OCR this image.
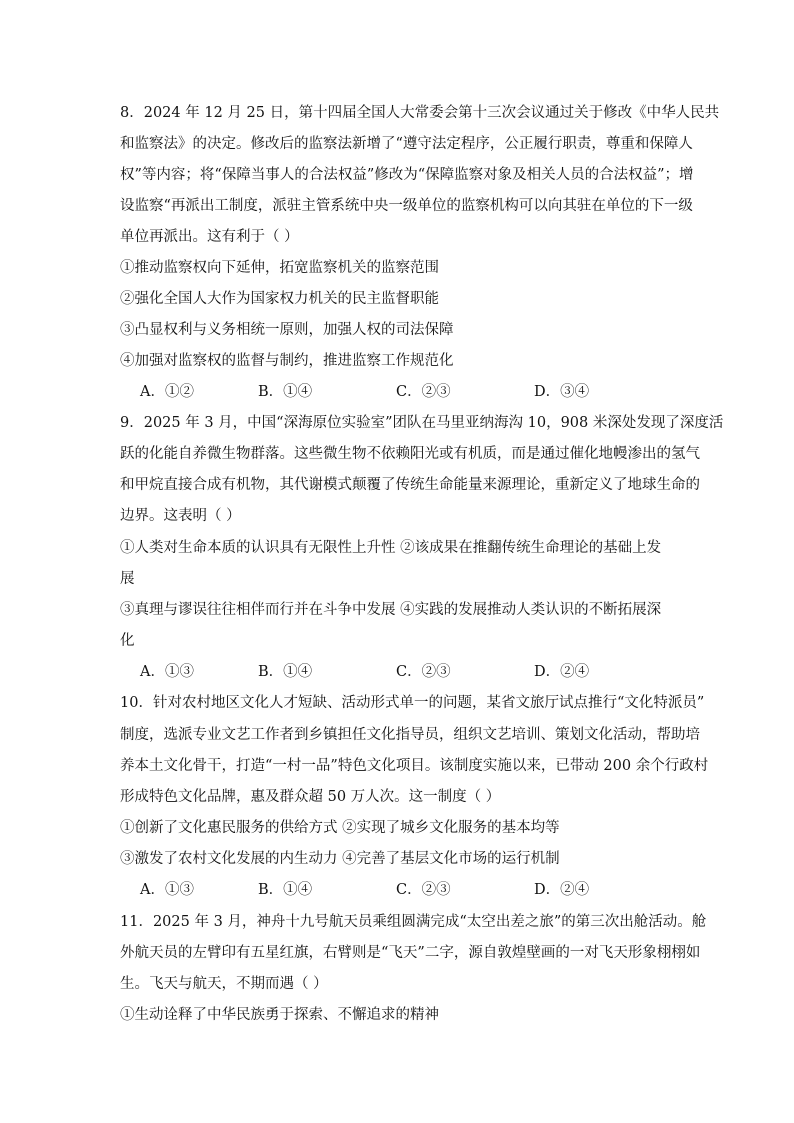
8．2024 年 12 月 25 日，第十四届全国人大常委会第十三次会议通过关于修改《中华人民共
和监察法》的决定。修改后的监察法新增了“遵守法定程序，公正履行职责，尊重和保障人
权”等内容；将“保障当事人的合法权益”修改为“保障监察对象及相关人员的合法权益”；增
设监察“再派出工制度，派驻主管系统中央一级单位的监察机构可以向其驻在单位的下一级
单位再派出。这有利于（ ）
①推动监察权向下延伸，拓宽监察机关的监察范围
②强化全国人大作为国家权力机关的民主监督职能
③凸显权利与义务相统一原则，加强人权的司法保障
④加强对监察权的监督与制约，推进监察工作规范化
A．①②	B．①④	C．②③	D．③④
9．2025 年 3 月，中国“深海原位实验室”团队在马里亚纳海沟 10，908 米深处发现了深度活
跃的化能自养微生物群落。这些微生物不依赖阳光或有机质，而是通过催化地幔渗出的氢气
和甲烷直接合成有机物，其代谢模式颠覆了传统生命能量来源理论，重新定义了地球生命的
边界。这表明（ ）
①人类对生命本质的认识具有无限性上升性 ②该成果在推翻传统生命理论的基础上发
展
③真理与谬误往往相伴而行并在斗争中发展 ④实践的发展推动人类认识的不断拓展深
化
A．①③	B．①④	C．②③	D．②④
10．针对农村地区文化人才短缺、活动形式单一的问题，某省文旅厅试点推行“文化特派员”
制度，选派专业文艺工作者到乡镇担任文化指导员，组织文艺培训、策划文化活动，帮助培
养本土文化骨干，打造“一村一品”特色文化项目。该制度实施以来，已带动 200 余个行政村
形成特色文化品牌，惠及群众超 50 万人次。这一制度（ ）
①创新了文化惠民服务的供给方式 ②实现了城乡文化服务的基本均等
③激发了农村文化发展的内生动力 ④完善了基层文化市场的运行机制
A．①③	B．①④	C．②③	D．②④
11．2025 年 3 月，神舟十九号航天员乘组圆满完成“太空出差之旅”的第三次出舱活动。舱
外航天员的左臂印有五星红旗，右臂则是“飞天”二字，源自敦煌壁画的一对飞天形象栩栩如
生。飞天与航天，不期而遇（ ）
①生动诠释了中华民族勇于探索、不懈追求的精神
